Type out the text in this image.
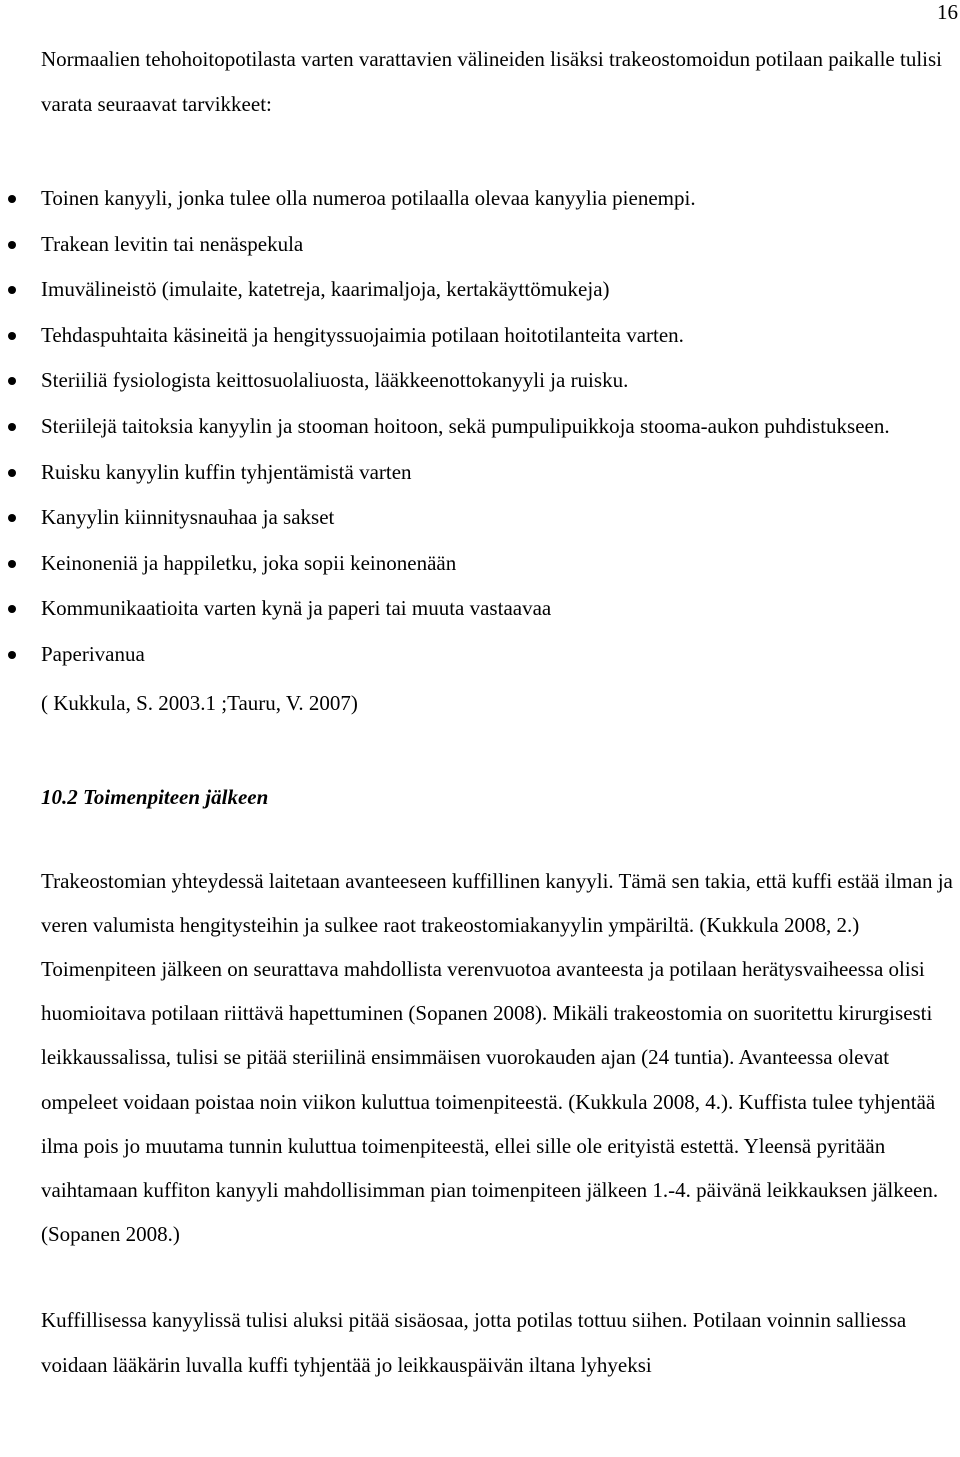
16

Normaalien tehohoitopotilasta varten varattavien välineiden lisäksi trakeostomoidun potilaan paikalle tulisi varata seuraavat tarvikkeet:

Toinen kanyyli, jonka tulee olla numeroa potilaalla olevaa kanyylia pienempi.
Trakean levitin tai nenäspekula
Imuvälineistö (imulaite, katetreja, kaarimaljoja, kertakäyttömukeja)
Tehdaspuhtaita käsineitä ja hengityssuojaimia potilaan hoitotilanteita varten.
Steriiliä fysiologista keittosuolaliuosta, lääkkeenottokanyyli ja ruisku.
Steriilejä taitoksia kanyylin ja stooman hoitoon, sekä pumpulipuikkoja stooma-aukon puhdistukseen.
Ruisku kanyylin kuffin tyhjentämistä varten
Kanyylin kiinnitysnauhaa ja sakset
Keinoneniä ja happiletku, joka sopii keinonenään
Kommunikaatioita varten kynä ja paperi tai muuta vastaavaa
Paperivanua

( Kukkula, S. 2003.1 ;Tauru, V. 2007)

10.2 Toimenpiteen jälkeen

Trakeostomian yhteydessä laitetaan avanteeseen kuffillinen kanyyli. Tämä sen takia, että kuffi estää ilman ja veren valumista hengitysteihin ja sulkee raot trakeostomiakanyylin ympäriltä. (Kukkula 2008, 2.) Toimenpiteen jälkeen on seurattava mahdollista verenvuotoa avanteesta ja potilaan herätysvaiheessa olisi huomioitava potilaan riittävä hapettuminen (Sopanen 2008). Mikäli trakeostomia on suoritettu kirurgisesti leikkaussalissa, tulisi se pitää steriilinä ensimmäisen vuorokauden ajan (24 tuntia). Avanteessa olevat ompeleet voidaan poistaa noin viikon kuluttua toimenpiteestä. (Kukkula 2008, 4.). Kuffista tulee tyhjentää ilma pois jo muutama tunnin kuluttua toimenpiteestä, ellei sille ole erityistä estettä. Yleensä pyritään vaihtamaan kuffiton kanyyli mahdollisimman pian toimenpiteen jälkeen 1.-4. päivänä leikkauksen jälkeen. (Sopanen 2008.)

Kuffillisessa kanyylissä tulisi aluksi pitää sisäosaa, jotta potilas tottuu siihen. Potilaan voinnin salliessa voidaan lääkärin luvalla kuffi tyhjentää jo leikkauspäivän iltana lyhyeksi
